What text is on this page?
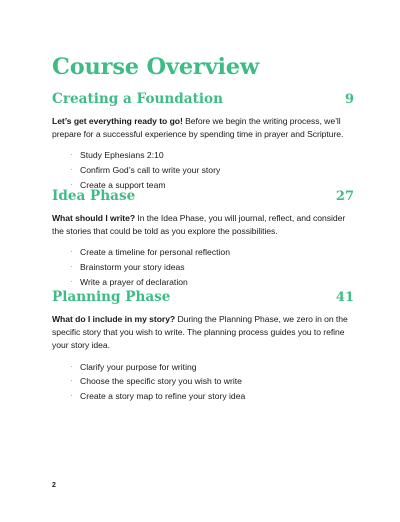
Course Overview
Creating a Foundation	9

Let’s get everything ready to go! Before we begin the writing process, we’ll prepare for a successful experience by spending time in prayer and Scripture.

· Study Ephesians 2:10
· Confirm God’s call to write your story
· Create a support team
Idea Phase	27

What should I write? In the Idea Phase, you will journal, reflect, and consider the stories that could be told as you explore the possibilities.

· Create a timeline for personal reflection
· Brainstorm your story ideas
· Write a prayer of declaration
Planning Phase	41

What do I include in my story? During the Planning Phase, we zero in on the specific story that you wish to write. The planning process guides you to refine your story idea.

· Clarify your purpose for writing
· Choose the specific story you wish to write
· Create a story map to refine your story idea
2
